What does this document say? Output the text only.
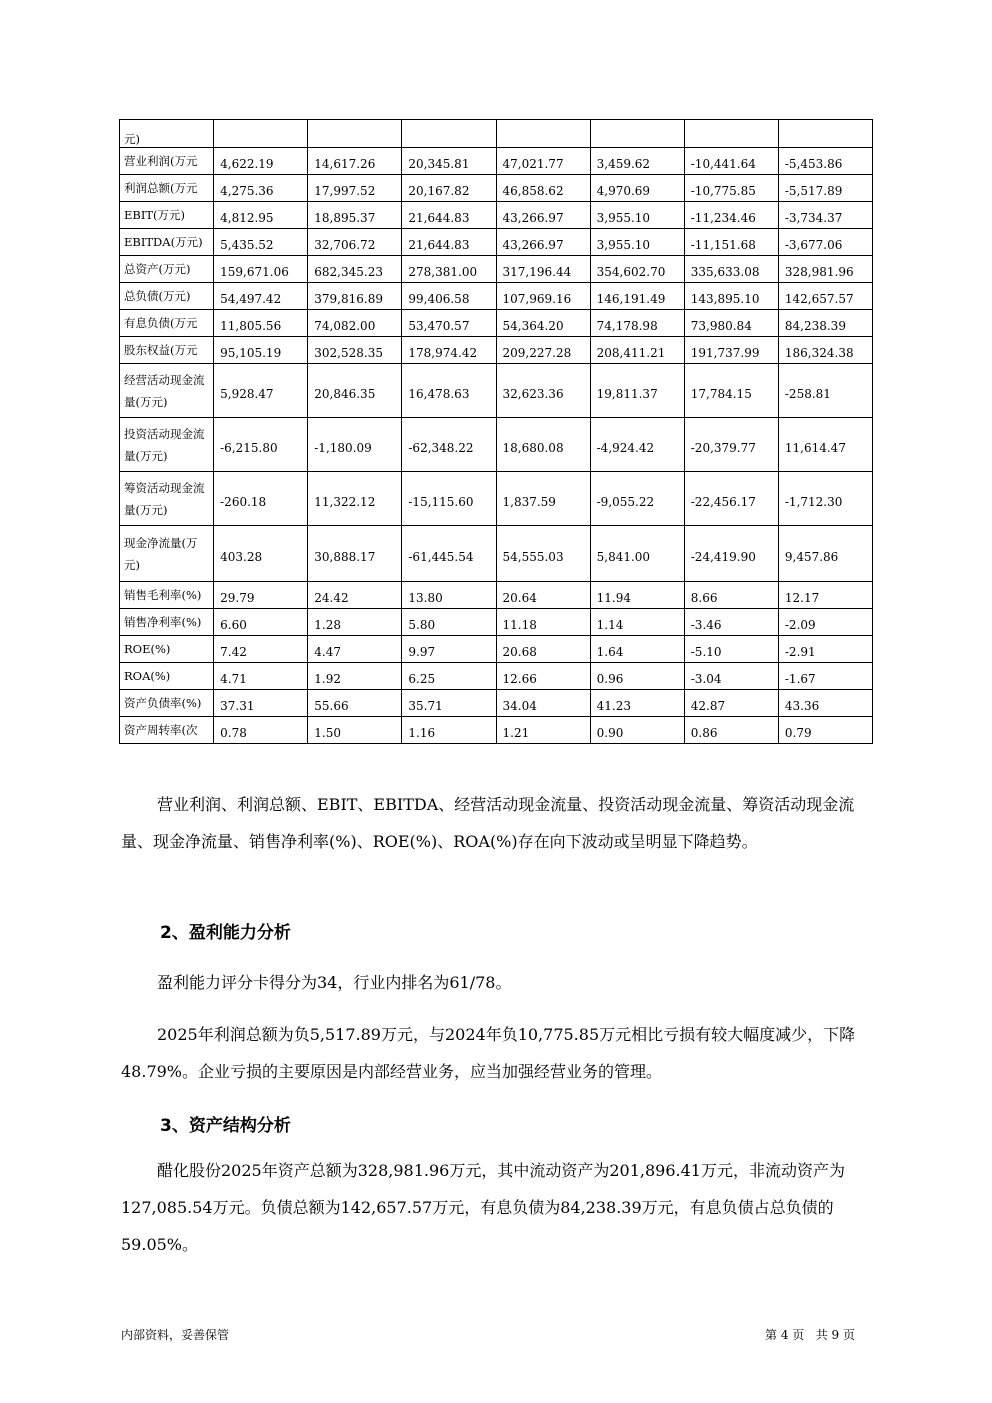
元)							
营业利润(万元	4,622.19	14,617.26	20,345.81	47,021.77	3,459.62	-10,441.64	-5,453.86
利润总额(万元	4,275.36	17,997.52	20,167.82	46,858.62	4,970.69	-10,775.85	-5,517.89
EBIT(万元)	4,812.95	18,895.37	21,644.83	43,266.97	3,955.10	-11,234.46	-3,734.37
EBITDA(万元)	5,435.52	32,706.72	21,644.83	43,266.97	3,955.10	-11,151.68	-3,677.06
总资产(万元)	159,671.06	682,345.23	278,381.00	317,196.44	354,602.70	335,633.08	328,981.96
总负债(万元)	54,497.42	379,816.89	99,406.58	107,969.16	146,191.49	143,895.10	142,657.57
有息负债(万元	11,805.56	74,082.00	53,470.57	54,364.20	74,178.98	73,980.84	84,238.39
股东权益(万元	95,105.19	302,528.35	178,974.42	209,227.28	208,411.21	191,737.99	186,324.38
经营活动现金流量(万元)	5,928.47	20,846.35	16,478.63	32,623.36	19,811.37	17,784.15	-258.81
投资活动现金流量(万元)	-6,215.80	-1,180.09	-62,348.22	18,680.08	-4,924.42	-20,379.77	11,614.47
筹资活动现金流量(万元)	-260.18	11,322.12	-15,115.60	1,837.59	-9,055.22	-22,456.17	-1,712.30
现金净流量(万元)	403.28	30,888.17	-61,445.54	54,555.03	5,841.00	-24,419.90	9,457.86
销售毛利率(%)	29.79	24.42	13.80	20.64	11.94	8.66	12.17
销售净利率(%)	6.60	1.28	5.80	11.18	1.14	-3.46	-2.09
ROE(%)	7.42	4.47	9.97	20.68	1.64	-5.10	-2.91
ROA(%)	4.71	1.92	6.25	12.66	0.96	-3.04	-1.67
资产负债率(%)	37.31	55.66	35.71	34.04	41.23	42.87	43.36
资产周转率(次	0.78	1.50	1.16	1.21	0.90	0.86	0.79
营业利润、利润总额、EBIT、EBITDA、经营活动现金流量、投资活动现金流量、筹资活动现金流量、现金净流量、销售净利率(%)、ROE(%)、ROA(%)存在向下波动或呈明显下降趋势。
2、盈利能力分析
盈利能力评分卡得分为34，行业内排名为61/78。
2025年利润总额为负5,517.89万元，与2024年负10,775.85万元相比亏损有较大幅度减少，下降48.79%。企业亏损的主要原因是内部经营业务，应当加强经营业务的管理。
3、资产结构分析
醋化股份2025年资产总额为328,981.96万元，其中流动资产为201,896.41万元，非流动资产为127,085.54万元。负债总额为142,657.57万元，有息负债为84,238.39万元，有息负债占总负债的59.05%。
内部资料，妥善保管	第 4 页   共 9 页
